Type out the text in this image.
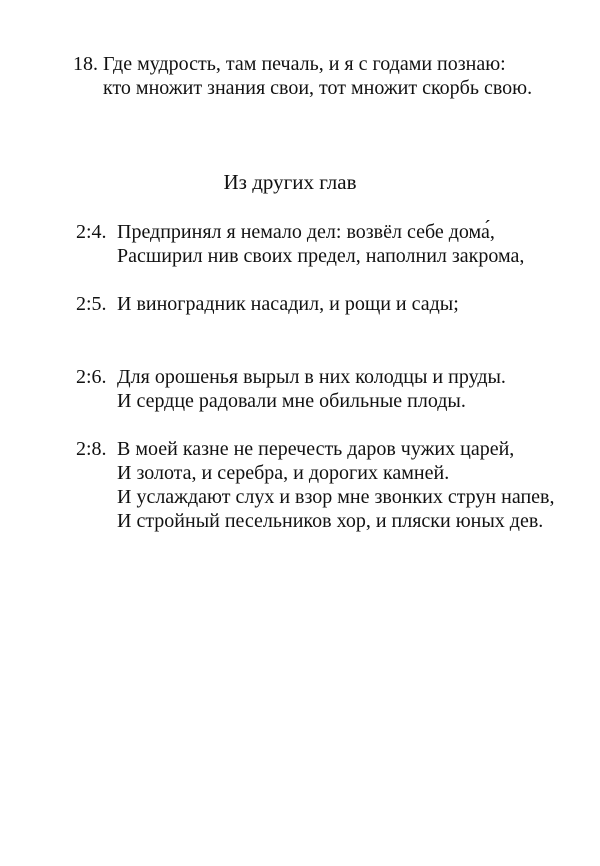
18. Где мудрость, там печаль, и я с годами познаю:
кто множит знания свои, тот множит скорбь свою.
Из других глав
2:4. Предпринял я немало дел: возвёл себе дома́,
Расширил нив своих предел, наполнил закрома,
2:5. И виноградник насадил, и рощи и сады;
2:6. Для орошенья вырыл в них колодцы и пруды.
И сердце радовали мне обильные плоды.
2:8. В моей казне не перечесть даров чужих царей,
И золота, и серебра, и дорогих камней.
И услаждают слух и взор мне звонких струн напев,
И стройный песельников хор, и пляски юных дев.
